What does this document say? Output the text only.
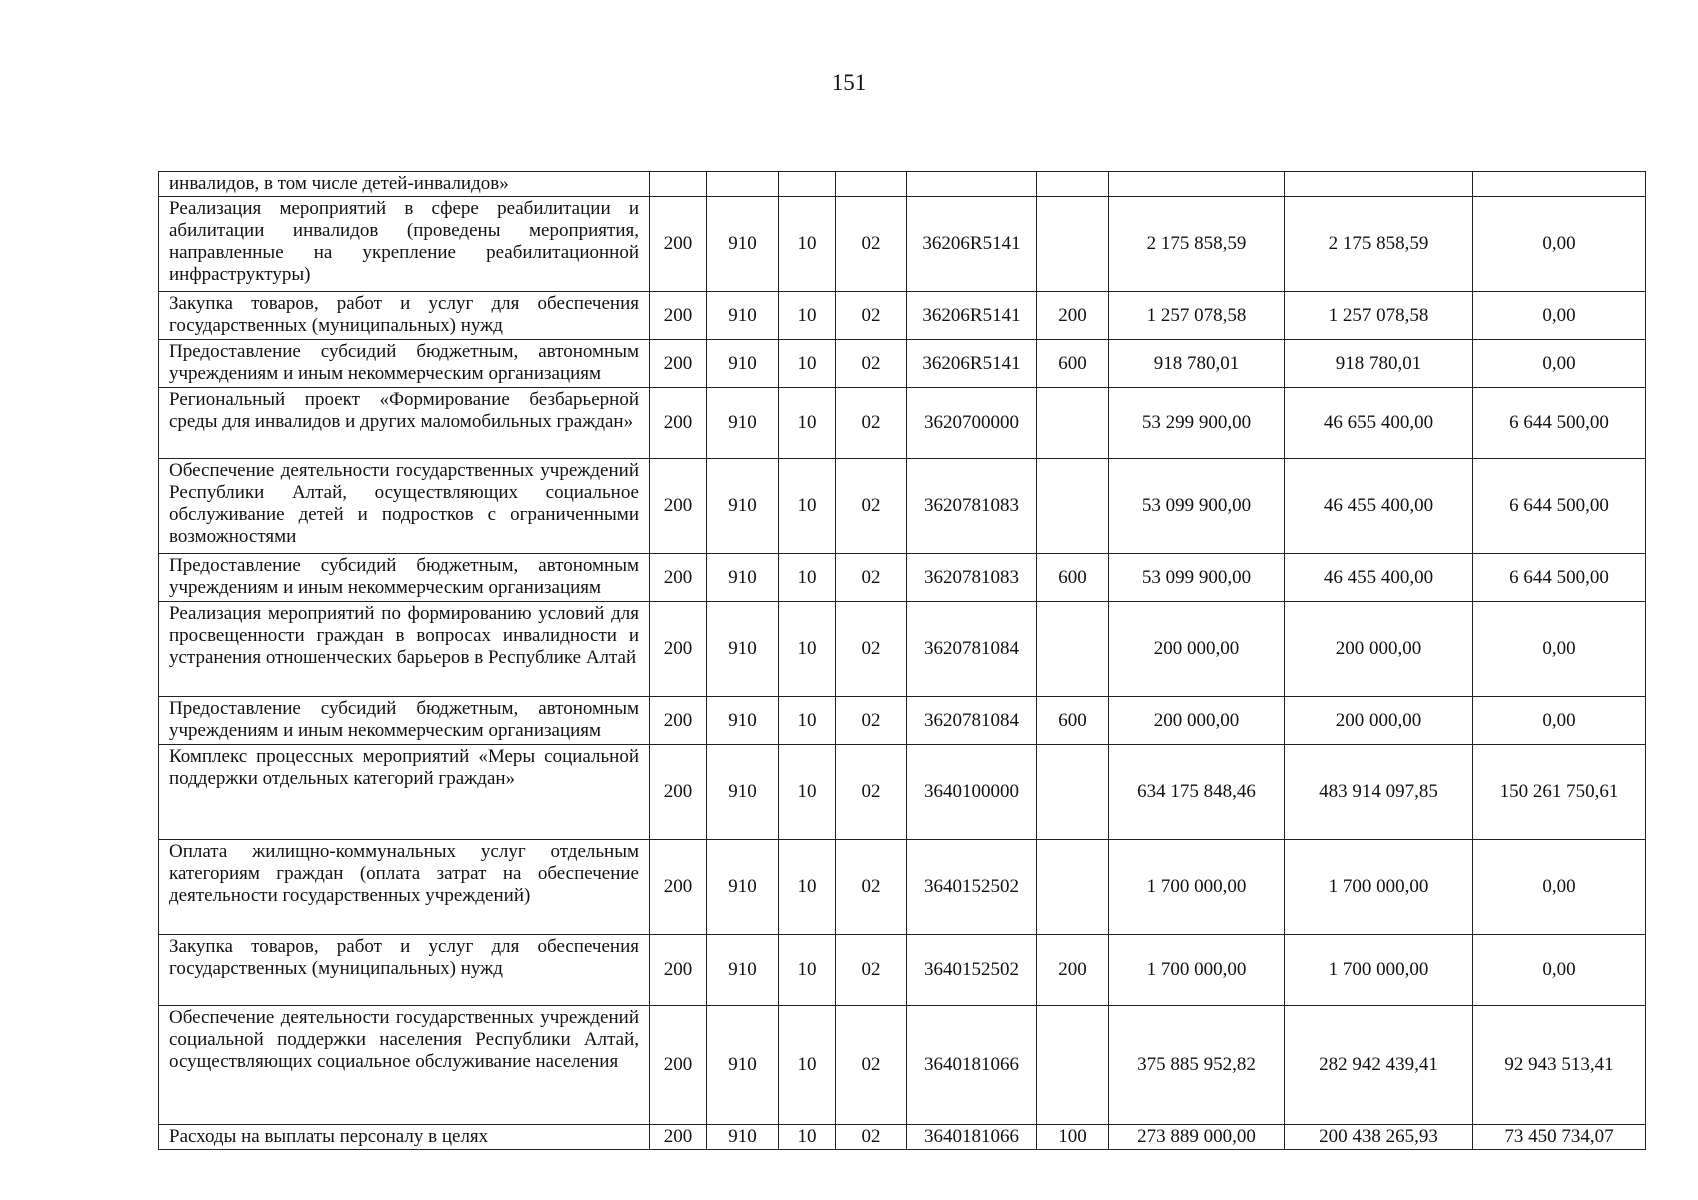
151
инвалидов, в том числе детей-инвалидов»									
Реализация мероприятий в сфере реабилитации и абилитации инвалидов (проведены мероприятия, направленные на укрепление реабилитационной инфраструктуры)	200	910	10	02	36206R5141		2 175 858,59	2 175 858,59	0,00
Закупка товаров, работ и услуг для обеспечения государственных (муниципальных) нужд	200	910	10	02	36206R5141	200	1 257 078,58	1 257 078,58	0,00
Предоставление субсидий бюджетным, автономным учреждениям и иным некоммерческим организациям	200	910	10	02	36206R5141	600	918 780,01	918 780,01	0,00
Региональный проект «Формирование безбарьерной среды для инвалидов и других маломобильных граждан»	200	910	10	02	3620700000		53 299 900,00	46 655 400,00	6 644 500,00
Обеспечение деятельности государственных учреждений Республики Алтай, осуществляющих социальное обслуживание детей и подростков с ограниченными возможностями	200	910	10	02	3620781083		53 099 900,00	46 455 400,00	6 644 500,00
Предоставление субсидий бюджетным, автономным учреждениям и иным некоммерческим организациям	200	910	10	02	3620781083	600	53 099 900,00	46 455 400,00	6 644 500,00
Реализация мероприятий по формированию условий для просвещенности граждан в вопросах инвалидности и устранения отношенческих барьеров в Республике Алтай	200	910	10	02	3620781084		200 000,00	200 000,00	0,00
Предоставление субсидий бюджетным, автономным учреждениям и иным некоммерческим организациям	200	910	10	02	3620781084	600	200 000,00	200 000,00	0,00
Комплекс процессных мероприятий «Меры социальной поддержки отдельных категорий граждан»	200	910	10	02	3640100000		634 175 848,46	483 914 097,85	150 261 750,61
Оплата жилищно-коммунальных услуг отдельным категориям граждан (оплата затрат на обеспечение деятельности государственных учреждений)	200	910	10	02	3640152502		1 700 000,00	1 700 000,00	0,00
Закупка товаров, работ и услуг для обеспечения государственных (муниципальных) нужд	200	910	10	02	3640152502	200	1 700 000,00	1 700 000,00	0,00
Обеспечение деятельности государственных учреждений социальной поддержки населения Республики Алтай, осуществляющих социальное обслуживание населения	200	910	10	02	3640181066		375 885 952,82	282 942 439,41	92 943 513,41
Расходы на выплаты персоналу в целях	200	910	10	02	3640181066	100	273 889 000,00	200 438 265,93	73 450 734,07
